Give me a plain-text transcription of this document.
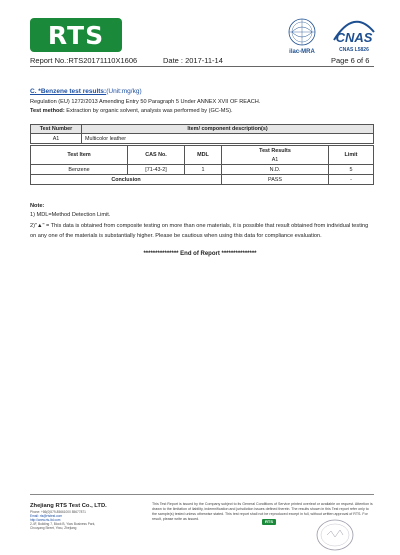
RTS
ilac-MRA
CNAS
CNAS L5826
Report No.:RTS20171110X1606	Date : 2017-11-14	Page 6 of 6
C. *Benzene test results:(Unit:mg/kg)
Regulation (EU) 1272/2013 Amending Entry 50 Paragraph 5 Under ANNEX XVII OF REACH.
Test method: Extraction by organic solvent, analysis was performed by (GC-MS).
Test Number	Item/ component description(s)
A1	Multicolor leather
Test Item	CAS No.	MDL	Test Results	Limit
			A1	
Benzene	[71-43-2]	1	N.D.	5
Conclusion			PASS	-
Note:
1) MDL=Method Detection Limit.
2)"▲" = This data is obtained from composite testing on more than one materials, it is possible that result obtained from individual testing on any one of the materials is substantially higher. Please be cautious when using this data for compliance evaluation.
*************** End of Report ***************
Zhejiang RTS Test Co., LTD.
Phone: +86(0)579-85661000 85677871
Email: rts@rtstest.com
http://www.rts-ltd.com
2-4F, Building 7, Block B, Yiwu Business Park,
Chouyang Street, Yiwu, Zhejiang
This Test Report is issued by the Company subject to its General Conditions of Service printed overleaf or available on request. Attention is drawn to the limitation of liability, indemnification and jurisdiction issues defined therein. The results shown in this Test report refer only to the sample(s) tested unless otherwise stated. This test report shall not be reproduced except in full, without written approval of RTS. For result, please write as issued.	RTS
